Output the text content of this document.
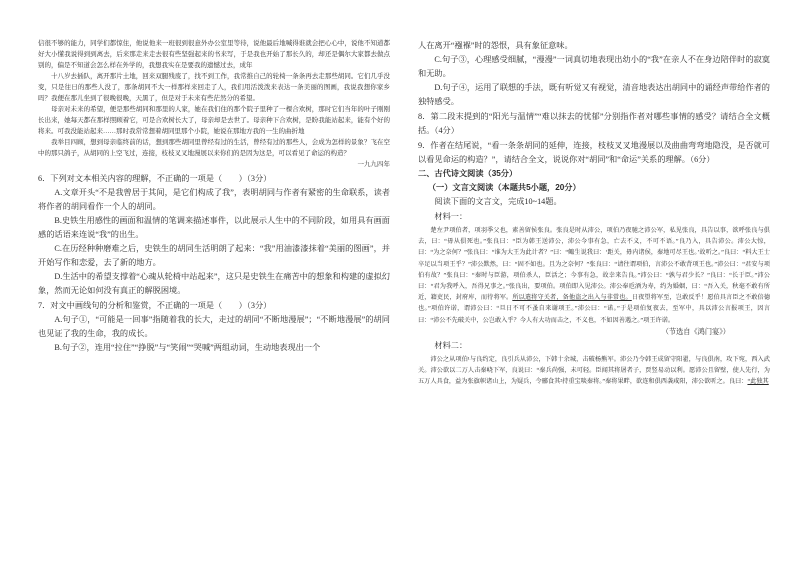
信很不够的能力，同学们都惊住，他说他来一班很到很意外办公室里等待，说他最后地喊得谁就会把心心中，说他不知道都好大小懂我说得到到离去，后来那走来走去很有些坚强起来的书来写，于是我也开始了那长久的，却还是偶尔大家都去做点别的，偏是不知道会怎么样在外学的，我想我实在是要我的遗憾过去，成年

十八岁去插队，离开那片土地，回来双腿残废了，找不到工作，我常推自己的轮椅一条条再去走那些胡同。它们几乎没变，只是往日的那些人没了，那条胡同不大一样那样来回走了人，我们用活泼泼来表达一条美丽的图画，我说我想你家乡吗？我便在那儿坐到了很晚很晚，天黑了，但是对于未来有些茫然分的希望。

母亲对未来的希望，便是那些胡同和那里的人家，她在我们住的那个院子里种了一棵合欢树，那时它们当年的叶子刚刚长出来，她每天都在那样照顾着它，可是合欢树长大了，母亲却是去世了。母亲种下合欢树，是盼我能站起来，能有个好的将来。可我没能站起来……那时我常常想着胡同里那个小院，她说在那地方我的一生的曲折地

我举目四顾，想到母亲临终前的话，想到那些胡同里曾经有过的生活，曾经有过的那些人，会成为怎样的景象？飞在空中的那只鸽子，从胡同的上空飞过，连接，枝枝叉叉地漫展以来你们的是因为这是，可以看见了命运的构造？

一九九四年

6．下列对文本相关内容的理解，不正确的一项是（　　）（3分）

A.文章开头“不是我曾居于其间，是它们构成了我”，表明胡同与作者有紧密的生命联系，读者将作者的胡同看作一个人的胡同。

B.史铁生用感性的画面和温情的笔调来描述事件，以此展示人生中的不同阶段，如用具有画面感的话语来连说“我”的出生。

C.在历经种种磨难之后，史铁生的胡同生活明朗了起来：“我”用油漆漆抹着“美丽的图画”，并开始写作和恋爱，去了新的地方。

D.生活中的希望支撑着“心魂从轮椅中站起来”，这只是史铁生在痛苦中的想象和构建的虚拟幻象，然而无论如何没有真正的解脱困境。

7．对文中画线句的分析和鉴赏，不正确的一项是（　　）（3分）

A.句子①，“可能是一回事”指随着我的长大，走过的胡同“不断地漫展”；“不断地漫展”的胡同也见证了我的生命，我的成长。

B.句子②，连用“拉住”“挣脱”与“笑闹”“哭喊”两组动词，生动地表现出一个

人在离开“襁褓”时的怨恨，具有象征意味。

C.句子③，心理感受细腻，“漫漫”一词真切地表现出幼小的“我”在亲人不在身边陪伴时的寂寞和无助。

D.句子④，运用了联想的手法，既有听觉又有视觉，清音地表达出胡同中的诵经声带给作者的独特感受。

8．第二段末提到的“阳光与温情”“难以抹去的忧郁”分别指作者对哪些事情的感受？请结合全文概括。（4分）

9．作者在结尾说，“看一条条胡同的延伸，连接，枝枝叉叉地漫展以及曲曲弯弯地隐没，是否就可以看见命运的构造？”，请结合全文，说说你对“胡同”和“命运”关系的理解。（6分）

二、古代诗文阅读（35分）
（一）文言文阅读（本题共5小题，20分）

阅读下面的文言文，完成10~14题。

材料一：

楚左尹项伯者，项羽季父也，素善留侯张良。张良是时从沛公，项伯乃夜驰之沛公军，私见张良，具告以事，欲呼张良与俱去，曰：“毋从俱死也。”张良曰：“臣为韩王送沛公，沛公今事有急，亡去不义，不可不语。”良乃入，具告沛公。沛公大惊，曰：“为之奈何？”张良曰：“谁为大王为此计者？”曰：“鲰生说我曰：‘距关，毋内诸侯，秦地可尽王也。’故听之。”良曰：“料大王士卒足以当项王乎？”沛公默然，曰：“固不如也。且为之奈何？”张良曰：“请往谓项伯，言沛公不敢背项王也。”沛公曰：“君安与项伯有故？”张良曰：“秦时与臣游，项伯杀人，臣活之；今事有急，故幸来告良。”沛公曰：“孰与君少长？”良曰：“长于臣。”沛公曰：“君为我呼入，吾得兄事之。”张良出，要项伯。项伯即入见沛公。沛公奉卮酒为寿，约为婚姻，曰：“吾入关，秋毫不敢有所近，籍吏民，封府库，而待将军。所以遣将守关者，备他盗之出入与非常也。日夜望将军至，岂敢反乎！愿伯具言臣之不敢倍德也。”项伯许诺，谓沛公曰：“旦日不可不蚤自来谢项王。”沛公曰：“诺。”于是项伯复夜去，至军中，具以沛公言报项王，因言曰：“沛公不先破关中，公岂敢入乎？今人有大功而击之，不义也，不如因善遇之。”项王许诺。

（节选自《鸿门宴》）

材料二：

沛公之从项伯¹与良约定，良引兵从沛公，下韩十余城，击破杨熊军。沛公乃令韩王成留守阳翟，与良俱南，攻下宛，西入武关。沛公欲以二万人击秦峣下军，良说曰：“秦兵尚强，未可轻。臣闻其将屠者子，贾竖易动以利。愿沛公且留壁，使人先行，为五万人具食，益为张旗帜诸山上，为疑兵，令郦食其²持重宝啖秦将。”秦将果畔，欲连和俱西袭咸阳，沛公欲听之。良曰：“此独其
